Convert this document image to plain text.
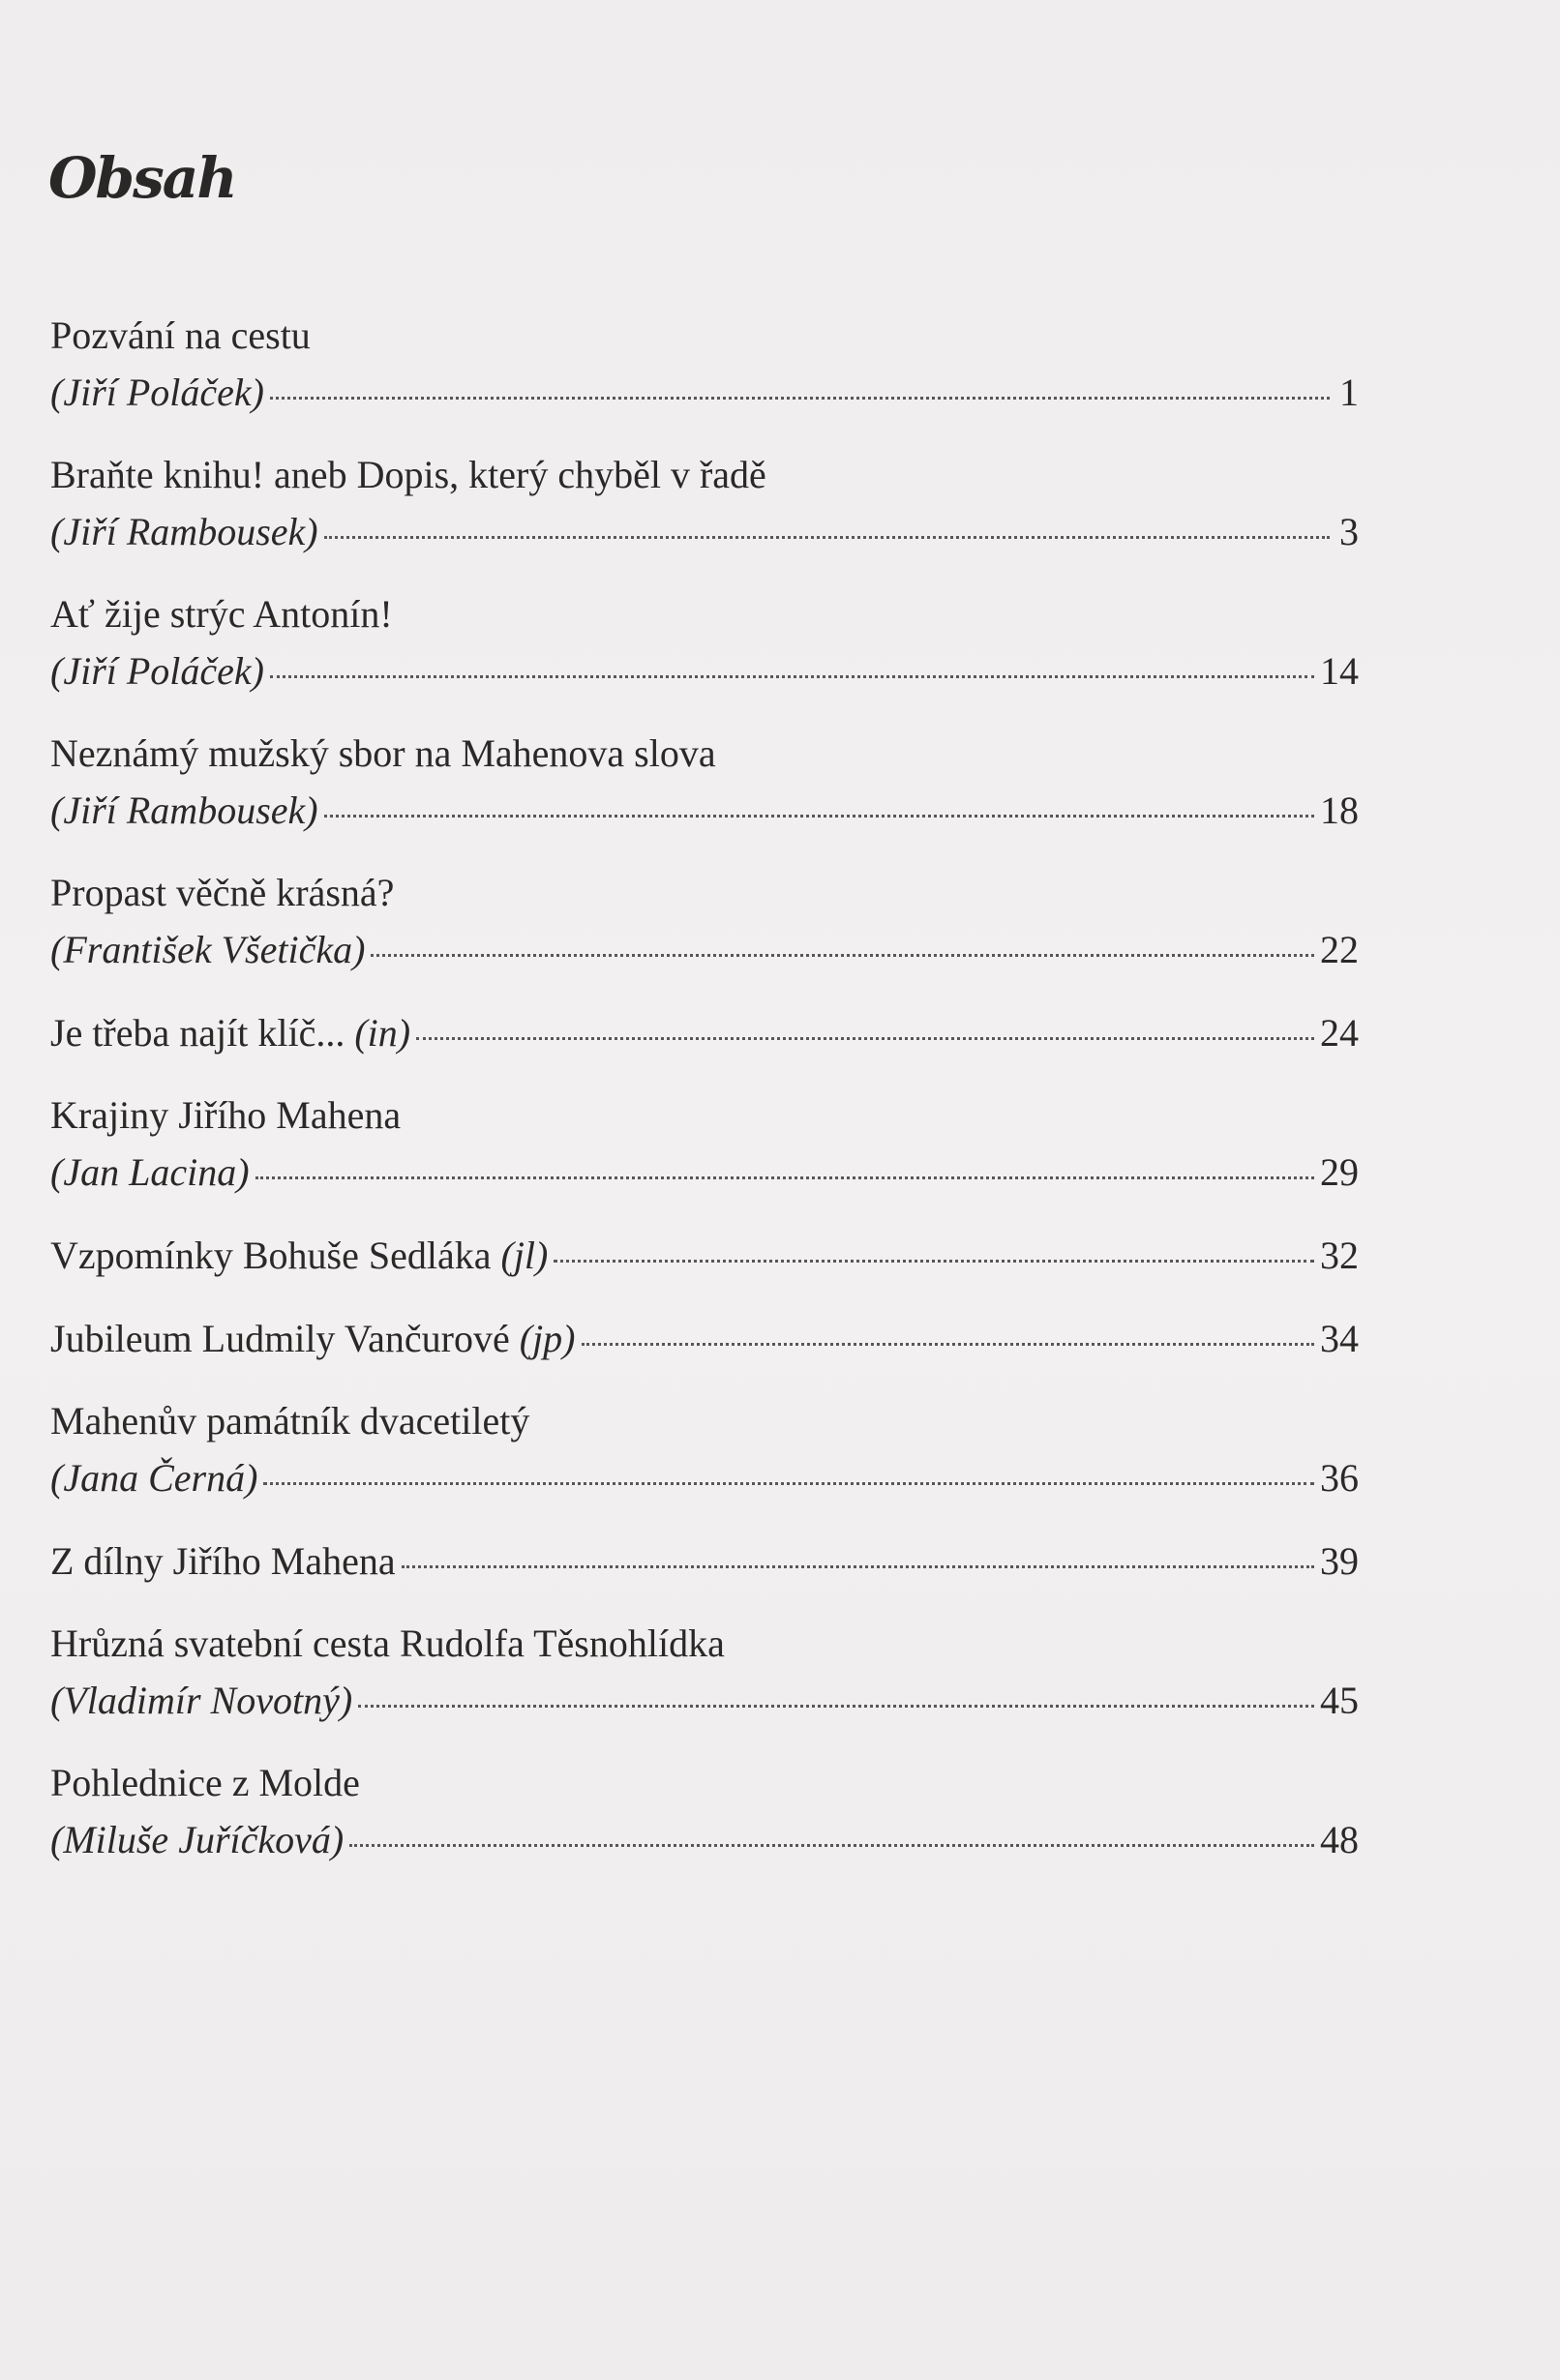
Obsah
Pozvání na cestu
(Jiří Poláček)	1
Braňte knihu! aneb Dopis, který chyběl v řadě
(Jiří Rambousek)	3
Ať žije strýc Antonín!
(Jiří Poláček)	14
Neznámý mužský sbor na Mahenova slova
(Jiří Rambousek)	18
Propast věčně krásná?
(František Všetička)	22
Je třeba najít klíč...
(in)	24
Krajiny Jiřího Mahena
(Jan Lacina)	29
Vzpomínky Bohuše Sedláka
(jl)	32
Jubileum Ludmily Vančurové
(jp)	34
Mahenův památník dvacetiletý
(Jana Černá)	36
Z dílny Jiřího Mahena	39
Hrůzná svatební cesta Rudolfa Těsnohlídka
(Vladimír Novotný)	45
Pohlednice z Molde
(Miluše Juříčková)	48
